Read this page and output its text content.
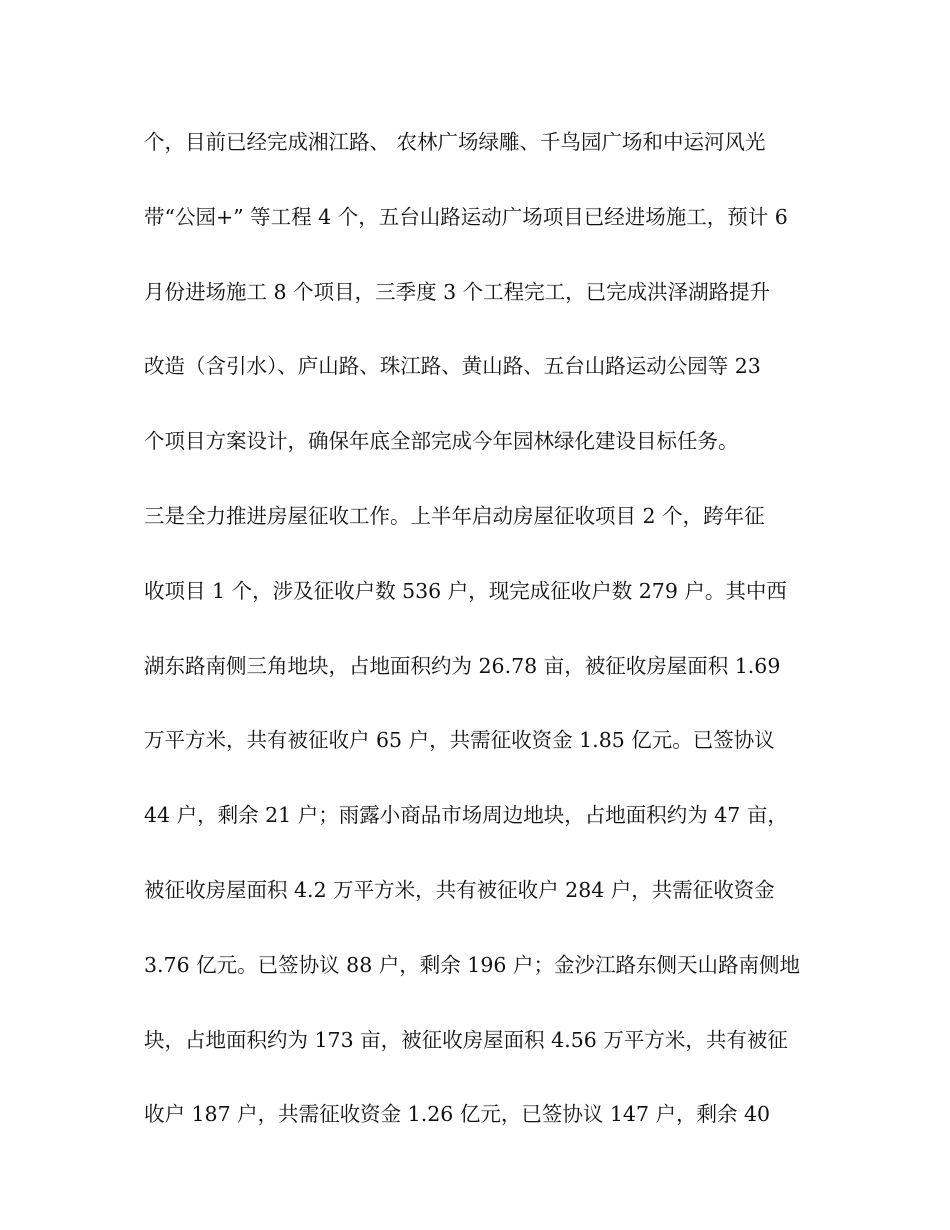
个，目前已经完成湘江路、 农林广场绿雕、千鸟园广场和中运河风光
带“公园+” 等工程 4 个，五台山路运动广场项目已经进场施工，预计 6
月份进场施工 8 个项目，三季度 3 个工程完工，已完成洪泽湖路提升
改造（含引水）、庐山路、珠江路、黄山路、五台山路运动公园等 23
个项目方案设计，确保年底全部完成今年园林绿化建设目标任务。
三是全力推进房屋征收工作。上半年启动房屋征收项目 2 个，跨年征
收项目 1 个，涉及征收户数 536 户，现完成征收户数 279 户。其中西
湖东路南侧三角地块，占地面积约为 26.78 亩，被征收房屋面积 1.69
万平方米，共有被征收户 65 户，共需征收资金 1.85 亿元。已签协议
44 户，剩余 21 户；雨露小商品市场周边地块，占地面积约为 47 亩，
被征收房屋面积 4.2 万平方米，共有被征收户 284 户，共需征收资金
3.76 亿元。已签协议 88 户，剩余 196 户；金沙江路东侧天山路南侧地
块，占地面积约为 173 亩，被征收房屋面积 4.56 万平方米，共有被征
收户 187 户，共需征收资金 1.26 亿元，已签协议 147 户，剩余 40
